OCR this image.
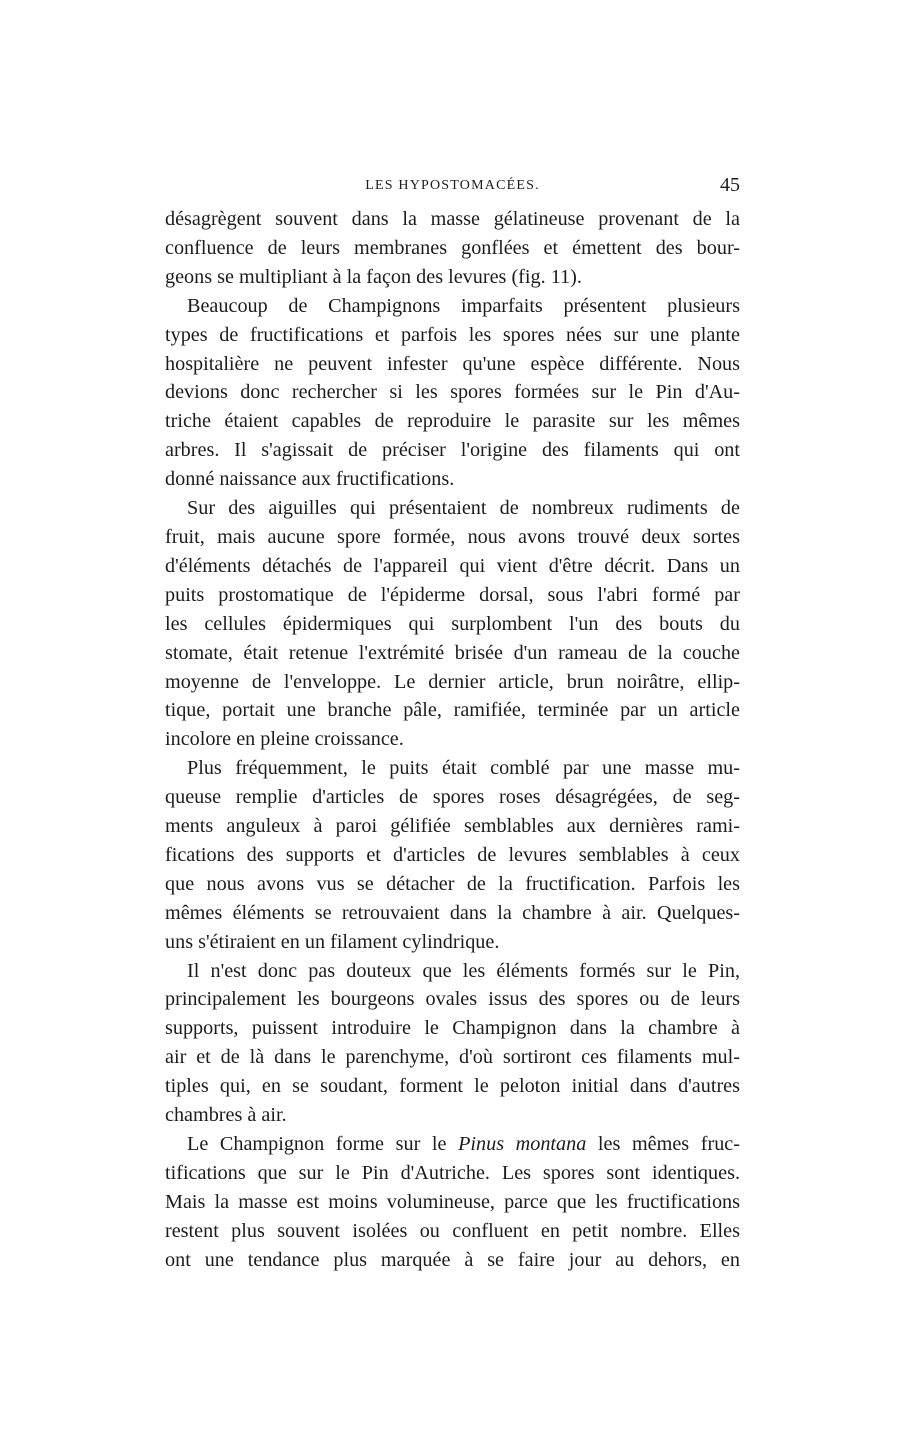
LES HYPOSTOMACÉES.	45

désagrègent souvent dans la masse gélatineuse provenant de la
confluence de leurs membranes gonflées et émettent des bour-
geons se multipliant à la façon des levures (fig. 11).

Beaucoup de Champignons imparfaits présentent plusieurs
types de fructifications et parfois les spores nées sur une plante
hospitalière ne peuvent infester qu'une espèce différente. Nous
devions donc rechercher si les spores formées sur le Pin d'Au-
triche étaient capables de reproduire le parasite sur les mêmes
arbres. Il s'agissait de préciser l'origine des filaments qui ont
donné naissance aux fructifications.

Sur des aiguilles qui présentaient de nombreux rudiments de
fruit, mais aucune spore formée, nous avons trouvé deux sortes
d'éléments détachés de l'appareil qui vient d'être décrit. Dans un
puits prostomatique de l'épiderme dorsal, sous l'abri formé par
les cellules épidermiques qui surplombent l'un des bouts du
stomate, était retenue l'extrémité brisée d'un rameau de la couche
moyenne de l'enveloppe. Le dernier article, brun noirâtre, ellip-
tique, portait une branche pâle, ramifiée, terminée par un article
incolore en pleine croissance.

Plus fréquemment, le puits était comblé par une masse mu-
queuse remplie d'articles de spores roses désagrégées, de seg-
ments anguleux à paroi gélifiée semblables aux dernières rami-
fications des supports et d'articles de levures semblables à ceux
que nous avons vus se détacher de la fructification. Parfois les
mêmes éléments se retrouvaient dans la chambre à air. Quelques-
uns s'étiraient en un filament cylindrique.

Il n'est donc pas douteux que les éléments formés sur le Pin,
principalement les bourgeons ovales issus des spores ou de leurs
supports, puissent introduire le Champignon dans la chambre à
air et de là dans le parenchyme, d'où sortiront ces filaments mul-
tiples qui, en se soudant, forment le peloton initial dans d'autres
chambres à air.

Le Champignon forme sur le Pinus montana les mêmes fruc-
tifications que sur le Pin d'Autriche. Les spores sont identiques.
Mais la masse est moins volumineuse, parce que les fructifications
restent plus souvent isolées ou confluent en petit nombre. Elles
ont une tendance plus marquée à se faire jour au dehors, en
